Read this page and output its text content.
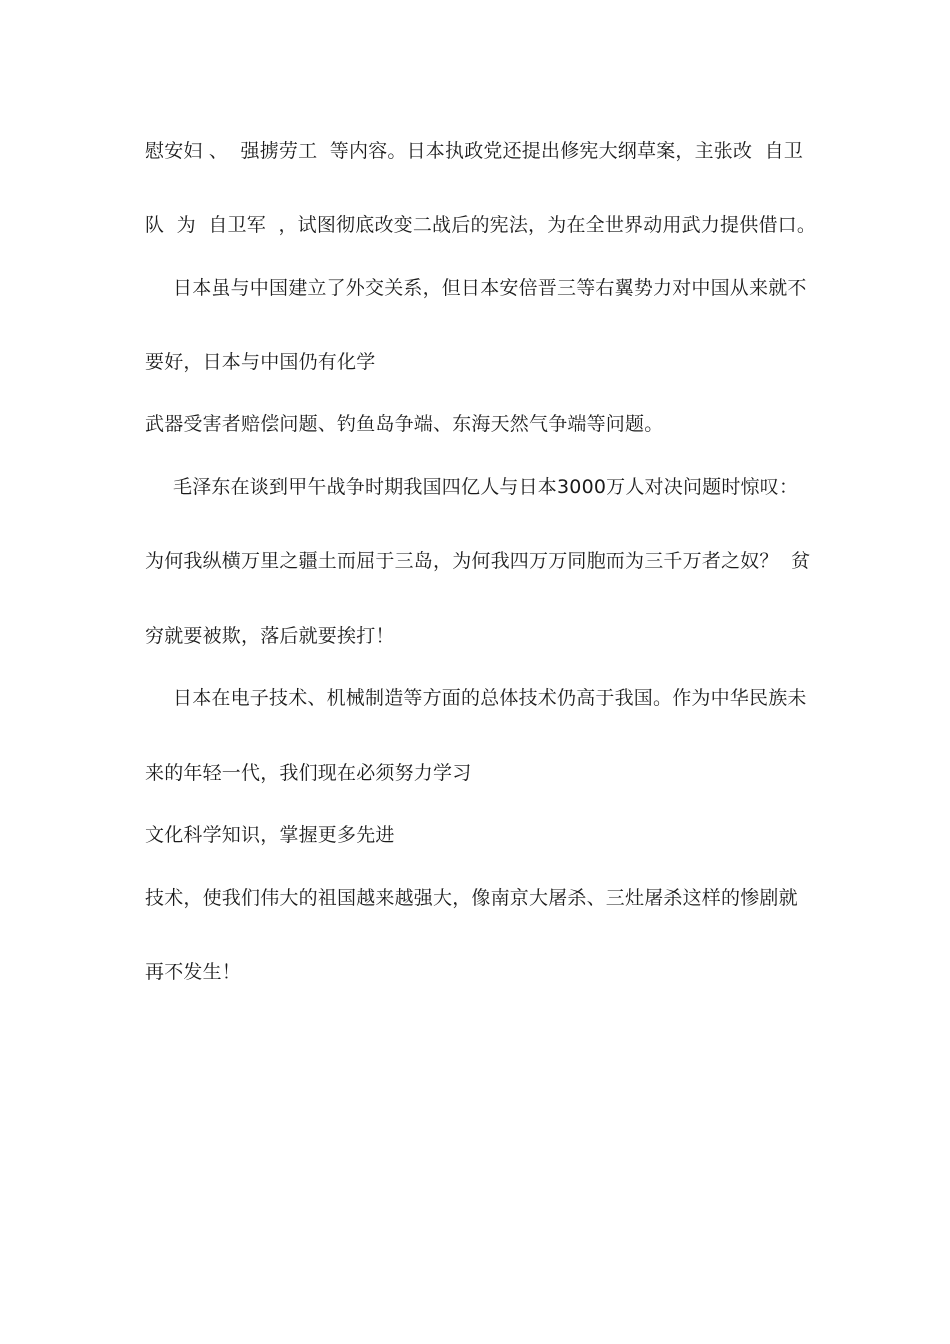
慰安妇 、  强掳劳工  等内容。日本执政党还提出修宪大纲草案，主张改  自卫
队  为  自卫军  ，试图彻底改变二战后的宪法，为在全世界动用武力提供借口。
日本虽与中国建立了外交关系，但日本安倍晋三等右翼势力对中国从来就不
要好，日本与中国仍有化学
武器受害者赔偿问题、钓鱼岛争端、东海天然气争端等问题。
毛泽东在谈到甲午战争时期我国四亿人与日本3000万人对决问题时惊叹：
为何我纵横万里之疆土而屈于三岛，为何我四万万同胞而为三千万者之奴？  贫
穷就要被欺，落后就要挨打！
日本在电子技术、机械制造等方面的总体技术仍高于我国。作为中华民族未
来的年轻一代，我们现在必须努力学习
文化科学知识，掌握更多先进
技术，使我们伟大的祖国越来越强大，像南京大屠杀、三灶屠杀这样的惨剧就
再不发生！
